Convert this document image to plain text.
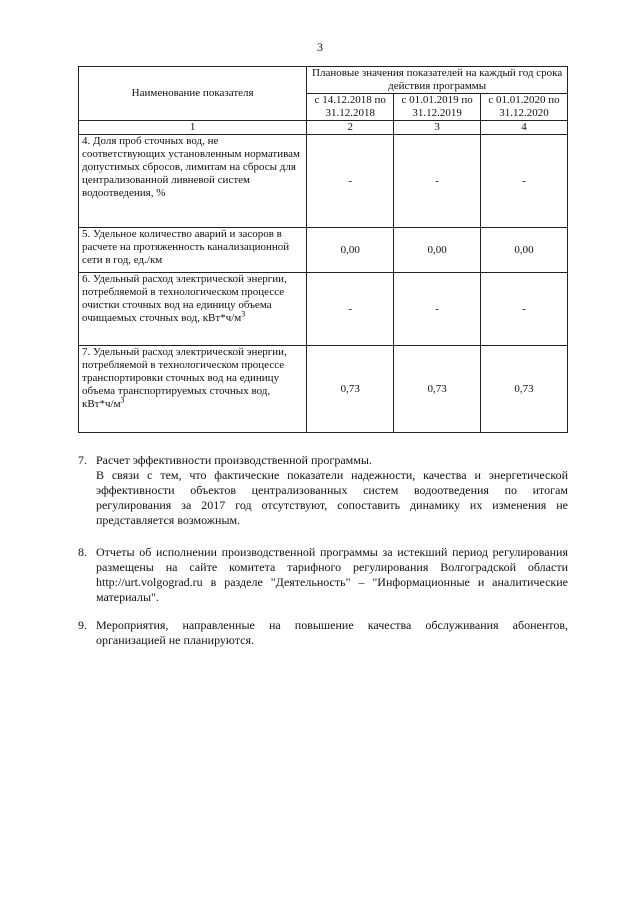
3
Наименование показателя	Плановые значения показателей на каждый год срока действия программы		
	с 14.12.2018 по 31.12.2018	с 01.01.2019 по 31.12.2019	с 01.01.2020 по 31.12.2020
1	2	3	4
4. Доля проб сточных вод, не соответствующих установленным нормативам допустимых сбросов, лимитам на сбросы для централизованной ливневой систем водоотведения, %	-	-	-
5. Удельное количество аварий и засоров в расчете на протяженность канализационной сети в год, ед./км	0,00	0,00	0,00
6. Удельный расход электрической энергии, потребляемой в технологическом процессе очистки сточных вод на единицу объема очищаемых сточных вод, $кВт*ч/м^3$	-	-	-
7. Удельный расход электрической энергии, потребляемой в технологическом процессе транспортировки сточных вод на единицу объема транспортируемых сточных вод, $кВт*ч/м^3$	0,73	0,73	0,73
7. Расчет эффективности производственной программы.
В связи с тем, что фактические показатели надежности, качества и энергетической эффективности объектов централизованных систем водоотведения по итогам регулирования за 2017 год отсутствуют, сопоставить динамику их изменения не представляется возможным.
8. Отчеты об исполнении производственной программы за истекший период регулирования размещены на сайте комитета тарифного регулирования Волгоградской области http://urt.volgograd.ru в разделе "Деятельность" – "Информационные и аналитические материалы".
9. Мероприятия, направленные на повышение качества обслуживания абонентов, организацией не планируются.
